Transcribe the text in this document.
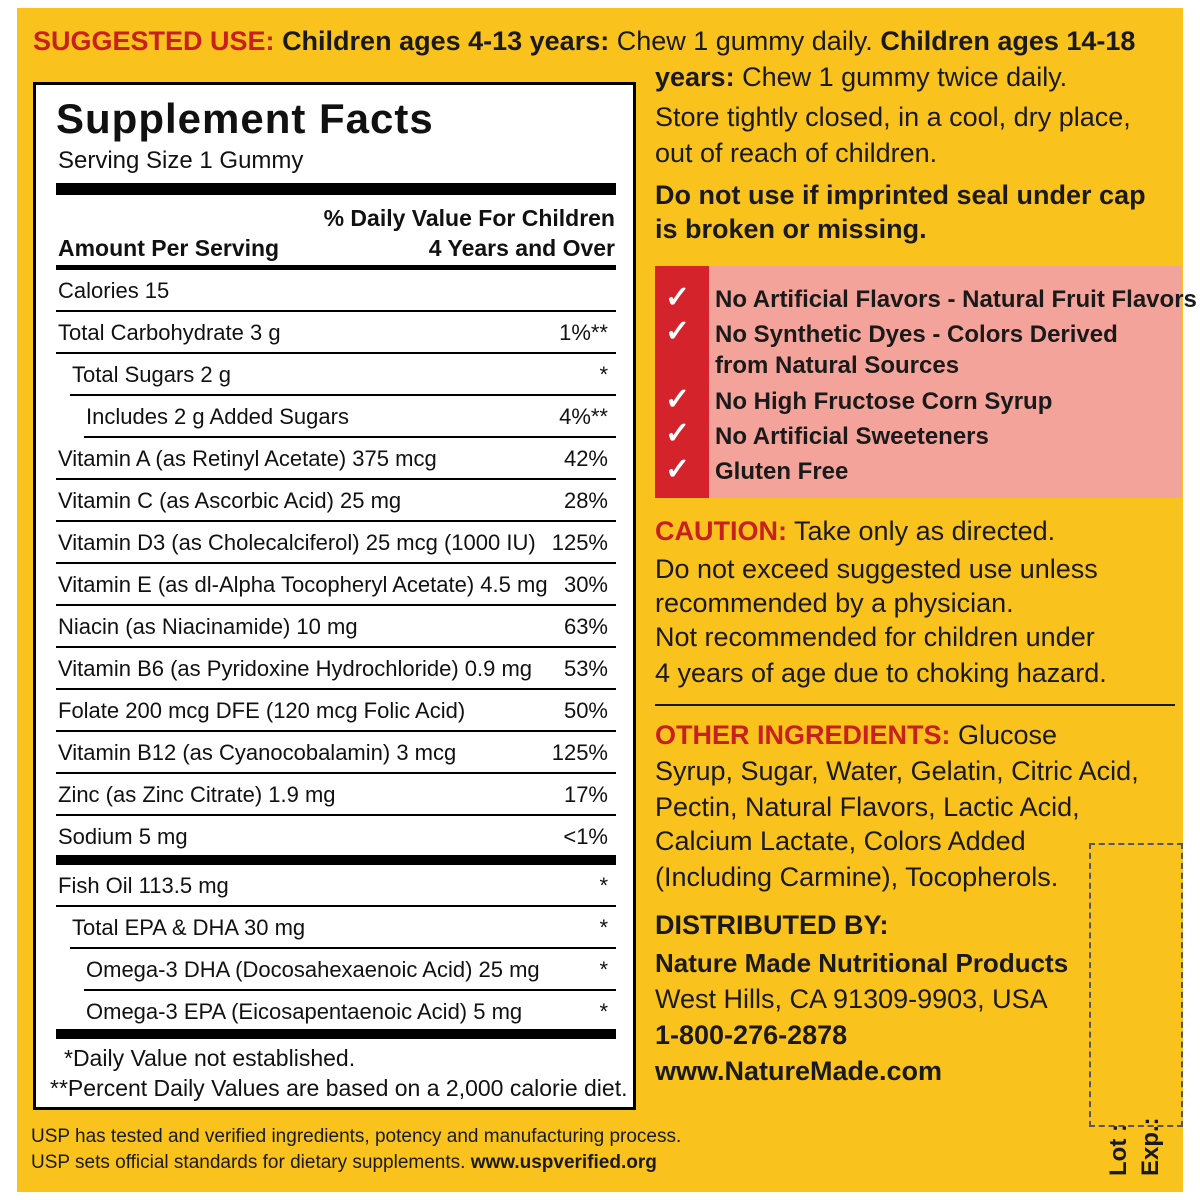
SUGGESTED USE: Children ages 4-13 years: Chew 1 gummy daily. Children ages 14-18
years: Chew 1 gummy twice daily.
Store tightly closed, in a cool, dry place,
out of reach of children.
Do not use if imprinted seal under cap
is broken or missing.
Supplement Facts
Serving Size 1 Gummy
% Daily Value For Children
4 Years and Over
Amount Per Serving
Calories 15
Total Carbohydrate 3 g	1%**
Total Sugars 2 g	*
Includes 2 g Added Sugars	4%**
Vitamin A (as Retinyl Acetate) 375 mcg	42%
Vitamin C (as Ascorbic Acid) 25 mg	28%
Vitamin D3 (as Cholecalciferol) 25 mcg (1000 IU) 125%
Vitamin E (as dl-Alpha Tocopheryl Acetate) 4.5 mg 30%
Niacin (as Niacinamide) 10 mg	63%
Vitamin B6 (as Pyridoxine Hydrochloride) 0.9 mg 53%
Folate 200 mcg DFE (120 mcg Folic Acid)	50%
Vitamin B12 (as Cyanocobalamin) 3 mcg	125%
Zinc (as Zinc Citrate) 1.9 mg	17%
Sodium 5 mg	<1%
Fish Oil 113.5 mg	*
Total EPA & DHA 30 mg	*
Omega-3 DHA (Docosahexaenoic Acid) 25 mg	*
Omega-3 EPA (Eicosapentaenoic Acid) 5 mg	*
*Daily Value not established.
**Percent Daily Values are based on a 2,000 calorie diet.
✓ No Artificial Flavors - Natural Fruit Flavors
✓ No Synthetic Dyes - Colors Derived
from Natural Sources
✓ No High Fructose Corn Syrup
✓ No Artificial Sweeteners
✓ Gluten Free
CAUTION: Take only as directed.
Do not exceed suggested use unless
recommended by a physician.
Not recommended for children under
4 years of age due to choking hazard.
OTHER INGREDIENTS: Glucose
Syrup, Sugar, Water, Gelatin, Citric Acid,
Pectin, Natural Flavors, Lactic Acid,
Calcium Lactate, Colors Added
(Including Carmine), Tocopherols.
DISTRIBUTED BY:
Nature Made Nutritional Products
West Hills, CA 91309-9903, USA
1-800-276-2878
www.NatureMade.com
Lot : Exp.:
USP has tested and verified ingredients, potency and manufacturing process.
USP sets official standards for dietary supplements. www.uspverified.org
